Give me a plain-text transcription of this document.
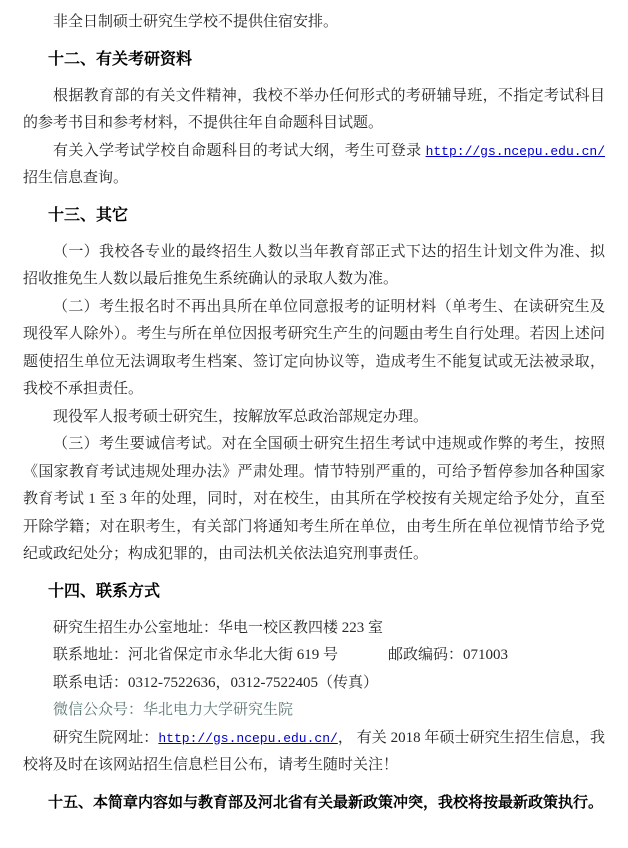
非全日制硕士研究生学校不提供住宿安排。

十二、有关考研资料

根据教育部的有关文件精神，我校不举办任何形式的考研辅导班，不指定考试科目的参考书目和参考材料，不提供往年自命题科目试题。

有关入学考试学校自命题科目的考试大纲，考生可登录 http://gs.ncepu.edu.cn/招生信息查询。

十三、其它

（一）我校各专业的最终招生人数以当年教育部正式下达的招生计划文件为准、拟招收推免生人数以最后推免生系统确认的录取人数为准。

（二）考生报名时不再出具所在单位同意报考的证明材料（单考生、在读研究生及现役军人除外）。考生与所在单位因报考研究生产生的问题由考生自行处理。若因上述问题使招生单位无法调取考生档案、签订定向协议等，造成考生不能复试或无法被录取，我校不承担责任。

现役军人报考硕士研究生，按解放军总政治部规定办理。

（三）考生要诚信考试。对在全国硕士研究生招生考试中违规或作弊的考生，按照《国家教育考试违规处理办法》严肃处理。情节特别严重的，可给予暂停参加各种国家教育考试 1 至 3 年的处理，同时，对在校生，由其所在学校按有关规定给予处分，直至开除学籍；对在职考生，有关部门将通知考生所在单位，由考生所在单位视情节给予党纪或政纪处分；构成犯罪的，由司法机关依法追究刑事责任。

十四、联系方式

研究生招生办公室地址：华电一校区教四楼 223 室

联系地址：河北省保定市永华北大街 619 号	邮政编码：071003

联系电话：0312-7522636，0312-7522405（传真）

微信公众号：华北电力大学研究生院

研究生院网址：http://gs.ncepu.edu.cn/， 有关 2018 年硕士研究生招生信息，我校将及时在该网站招生信息栏目公布，请考生随时关注！

十五、本简章内容如与教育部及河北省有关最新政策冲突，我校将按最新政策执行。
